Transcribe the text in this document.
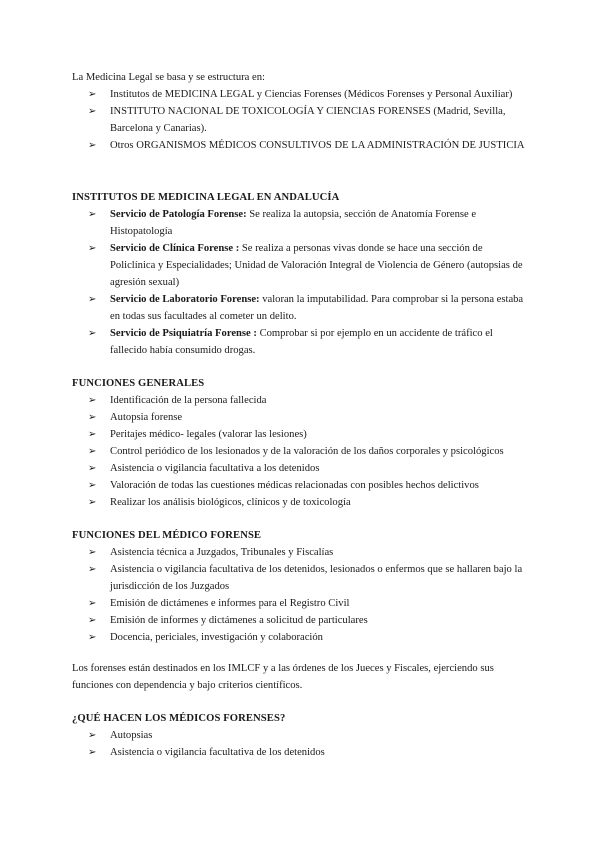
La Medicina Legal se basa y se estructura en:

➢ Institutos de MEDICINA LEGAL y Ciencias Forenses (Médicos Forenses y Personal Auxiliar)
➢ INSTITUTO NACIONAL DE TOXICOLOGÍA Y CIENCIAS FORENSES (Madrid, Sevilla, Barcelona y Canarias).
➢ Otros ORGANISMOS MÉDICOS CONSULTIVOS DE LA ADMINISTRACIÓN DE JUSTICIA
INSTITUTOS DE MEDICINA LEGAL EN ANDALUCÍA
➢ Servicio de Patología Forense: Se realiza la autopsia, sección de Anatomía Forense e Histopatología
➢ Servicio de Clínica Forense : Se realiza a personas vivas donde se hace una sección de Policlínica y Especialidades; Unidad de Valoración Integral de Violencia de Género (autopsias de agresión sexual)
➢ Servicio de Laboratorio Forense: valoran la imputabilidad. Para comprobar si la persona estaba en todas sus facultades al cometer un delito.
➢ Servicio de Psiquiatría Forense : Comprobar si por ejemplo en un accidente de tráfico el fallecido había consumido drogas.
FUNCIONES GENERALES
➢ Identificación de la persona fallecida
➢ Autopsia forense
➢ Peritajes médico- legales (valorar las lesiones)
➢ Control periódico de los lesionados y de la valoración de los daños corporales y psicológicos
➢ Asistencia o vigilancia facultativa a los detenidos
➢ Valoración de todas las cuestiones médicas relacionadas con posibles hechos delictivos
➢ Realizar los análisis biológicos, clínicos y de toxicología
FUNCIONES DEL MÉDICO FORENSE
➢ Asistencia técnica a Juzgados, Tribunales y Fiscalías
➢ Asistencia o vigilancia facultativa de los detenidos, lesionados o enfermos que se hallaren bajo la jurisdicción de los Juzgados
➢ Emisión de dictámenes e informes para el Registro Civil
➢ Emisión de informes y dictámenes a solicitud de particulares
➢ Docencia, periciales, investigación y colaboración

Los forenses están destinados en los IMLCF y a las órdenes de los Jueces y Fiscales, ejerciendo sus funciones con dependencia y bajo criterios científicos.

¿QUÉ HACEN LOS MÉDICOS FORENSES?
➢ Autopsias
➢ Asistencia o vigilancia facultativa de los detenidos
